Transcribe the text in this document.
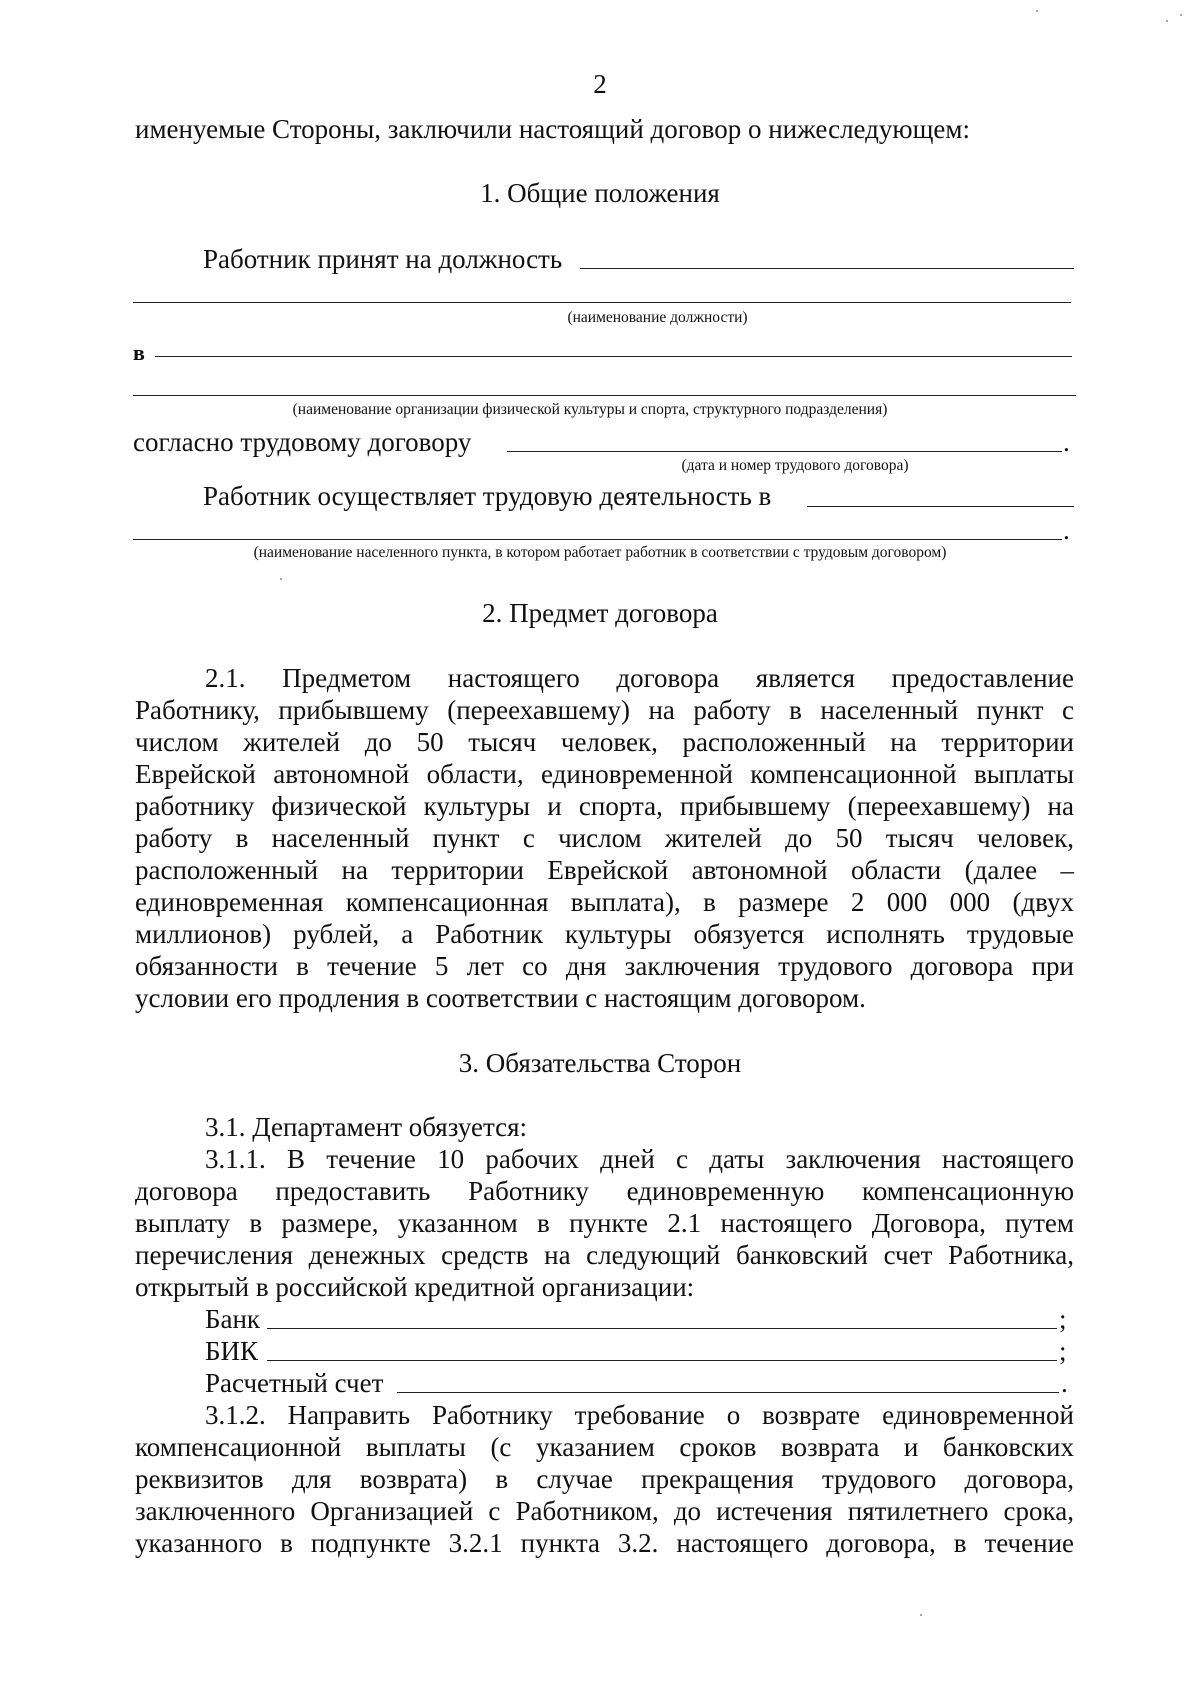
2
именуемые Стороны, заключили настоящий договор о нижеследующем:
1. Общие положения
Работник принят на должность
(наименование должности)
в
(наименование организации физической культуры и спорта, структурного подразделения)
согласно трудовому договору	.
(дата и номер трудового договора)
Работник осуществляет трудовую деятельность в
.
(наименование населенного пункта, в котором работает работник в соответствии с трудовым договором)
2. Предмет договора
2.1. Предметом настоящего договора является предоставление
Работнику, прибывшему (переехавшему) на работу в населенный пункт с
числом жителей до 50 тысяч человек, расположенный на территории
Еврейской автономной области, единовременной компенсационной выплаты
работнику физической культуры и спорта, прибывшему (переехавшему) на
работу в населенный пункт с числом жителей до 50 тысяч человек,
расположенный на территории Еврейской автономной области (далее –
единовременная компенсационная выплата), в размере 2 000 000 (двух
миллионов) рублей, а Работник культуры обязуется исполнять трудовые
обязанности в течение 5 лет со дня заключения трудового договора при
условии его продления в соответствии с настоящим договором.
3. Обязательства Сторон
3.1. Департамент обязуется:
3.1.1. В течение 10 рабочих дней с даты заключения настоящего
договора предоставить Работнику единовременную компенсационную
выплату в размере, указанном в пункте 2.1 настоящего Договора, путем
перечисления денежных средств на следующий банковский счет Работника,
открытый в российской кредитной организации:
Банк	;
БИК	;
Расчетный счет	.
3.1.2. Направить Работнику требование о возврате единовременной
компенсационной выплаты (с указанием сроков возврата и банковских
реквизитов для возврата) в случае прекращения трудового договора,
заключенного Организацией с Работником, до истечения пятилетнего срока,
указанного в подпункте 3.2.1 пункта 3.2. настоящего договора, в течение
